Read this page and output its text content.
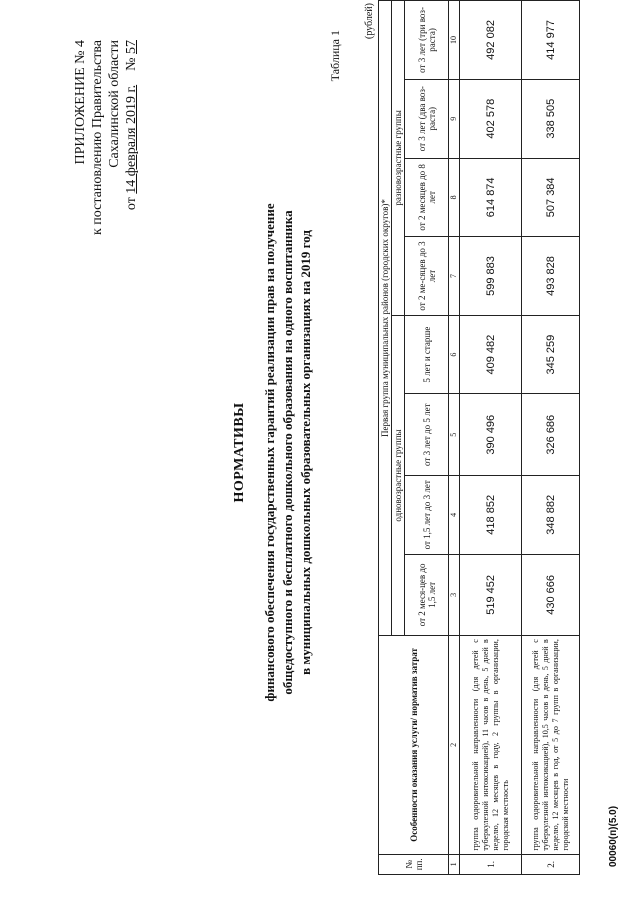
ПРИЛОЖЕНИЕ № 4 к постановлению Правительства Сахалинской области
от 14 февраля 2019 г.    № 57
НОРМАТИВЫ финансового обеспечения государственных гарантий реализации прав на получение общедоступного и бесплатного дошкольного образования на одного воспитанника в муниципальных дошкольных образовательных организациях на 2019 год
Таблица 1
(рублей)
№ пп.	Особенности оказания услуги/ норматив затрат	Первая группа муниципальных районов (городских округов)*							
		одновозрастные группы				разновозрастные группы			
		от 2 меся-цев до 1,5 лет	от 1,5 лет до 3 лет	от 3 лет до 5 лет	5 лет и старше	от 2 ме-сяцев до 3 лет	от 2 месяцев до 8 лет	от 3 лет (два воз-раста)	от 3 лет (три воз-раста)
1	2	3	4	5	6	7	8	9	10
1.	группа оздоровительной направленности (для детей с туберкулезной интоксикацией), 11 часов в день, 5 дней в неделю, 12 месяцев в году, 2 группы в организации, городская местность	519 452	418 852	390 496	409 482	599 883	614 874	402 578	492 082
2.	группа оздоровительной направленности (для детей с туберкулезной интоксикацией), 10,5 часов в день, 5 дней в неделю, 12 месяцев в год, от 5 до 7 групп в организации, городской местности	430 666	348 882	326 686	345 259	493 828	507 384	338 505	414 977
00060(п)(5.0)
